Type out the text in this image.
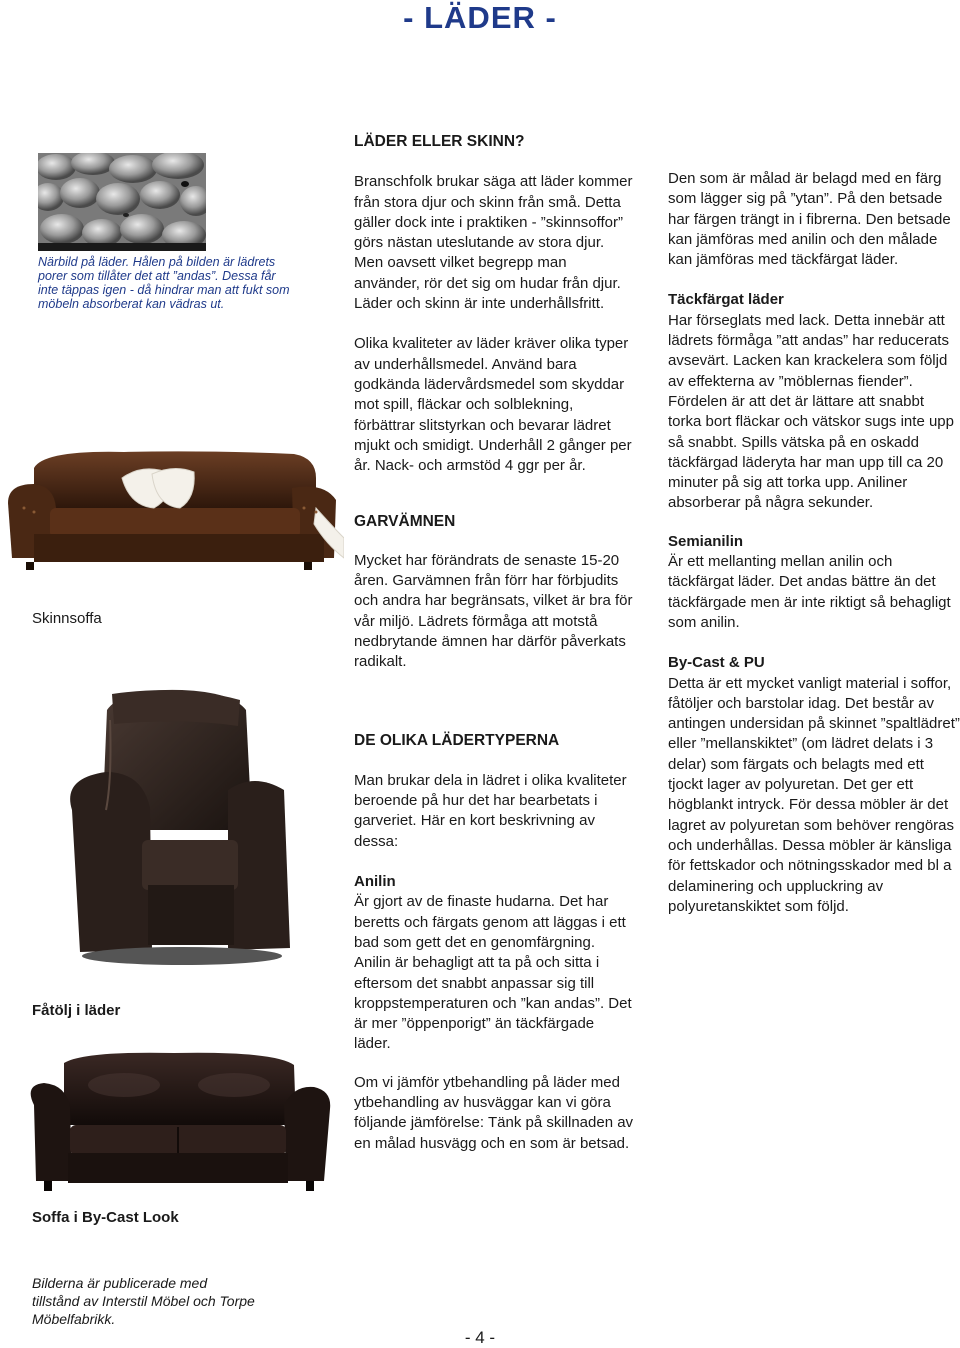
- LÄDER -
Närbild på läder. Hålen på bilden är lädrets porer som tillåter det att ”andas”. Dessa får inte täppas igen - då hindrar man att fukt som möbeln absorberat kan vädras ut.
Skinnsoffa
Fåtölj i läder
Soffa i By-Cast Look
Bilderna är publicerade med tillstånd av Interstil Möbel och Torpe Möbelfabrikk.

LÄDER ELLER SKINN?

Branschfolk brukar säga att läder kommer från stora djur och skinn från små. Detta gäller dock inte i praktiken - ”skinnsoffor” görs nästan uteslutande av stora djur. Men oavsett vilket begrepp man använder, rör det sig om hudar från djur. Läder och skinn är inte underhållsfritt.

Olika kvaliteter av läder kräver olika typer av underhållsmedel. Använd bara godkända lädervårdsmedel som skyddar mot spill, fläckar och solblekning, förbättrar slitstyrkan och bevarar lädret mjukt och smidigt. Underhåll 2 gånger per år. Nack- och armstöd 4 ggr per år.

GARVÄMNEN

Mycket har förändrats de senaste 15-20 åren. Garvämnen från förr har förbjudits och andra har begränsats, vilket är bra för vår miljö. Lädrets förmåga att motstå nedbrytande ämnen har därför påverkats radikalt.

DE OLIKA LÄDERTYPERNA

Man brukar dela in lädret i olika kvaliteter beroende på hur det har bearbetats i garveriet. Här en kort beskrivning av dessa:

Anilin

Är gjort av de finaste hudarna. Det har beretts och färgats genom att läggas i ett bad som gett det en genomfärgning. Anilin är behagligt att ta på och sitta i eftersom det snabbt anpassar sig till kroppstemperaturen och ”kan andas”. Det är mer ”öppenporigt” än täckfärgade läder.

Om vi jämför ytbehandling på läder med ytbehandling av husväggar kan vi göra följande jämförelse: Tänk på skillnaden av en målad husvägg och en som är betsad.

Den som är målad är belagd med en färg som lägger sig på ”ytan”. På den betsade har färgen trängt in i fibrerna. Den betsade kan jämföras med anilin och den målade kan jämföras med täckfärgat läder.

Täckfärgat läder

Har förseglats med lack. Detta innebär att lädrets förmåga ”att andas” har reducerats avsevärt. Lacken kan krackelera som följd av effekterna av ”möblernas fiender”. Fördelen är att det är lättare att snabbt torka bort fläckar och vätskor sugs inte upp så snabbt. Spills vätska på en oskadd täckfärgad läderyta har man upp till ca 20 minuter på sig att torka upp. Aniliner absorberar på några sekunder.

Semianilin

Är ett mellanting mellan anilin och täckfärgat läder. Det andas bättre än det täckfärgade men är inte riktigt så behagligt som anilin.

By-Cast & PU

Detta är ett mycket vanligt material i soffor, fåtöljer och barstolar idag. Det består av antingen undersidan på skinnet ”spaltlädret” eller ”mellanskiktet” (om lädret delats i 3 delar) som färgats och belagts med ett tjockt lager av polyuretan. Det ger ett högblankt intryck. För dessa möbler är det lagret av polyuretan som behöver rengöras och underhållas. Dessa möbler är känsliga för fettskador och nötningsskador med bl a delaminering och uppluckring av polyuretanskiktet som följd.

- 4 -
